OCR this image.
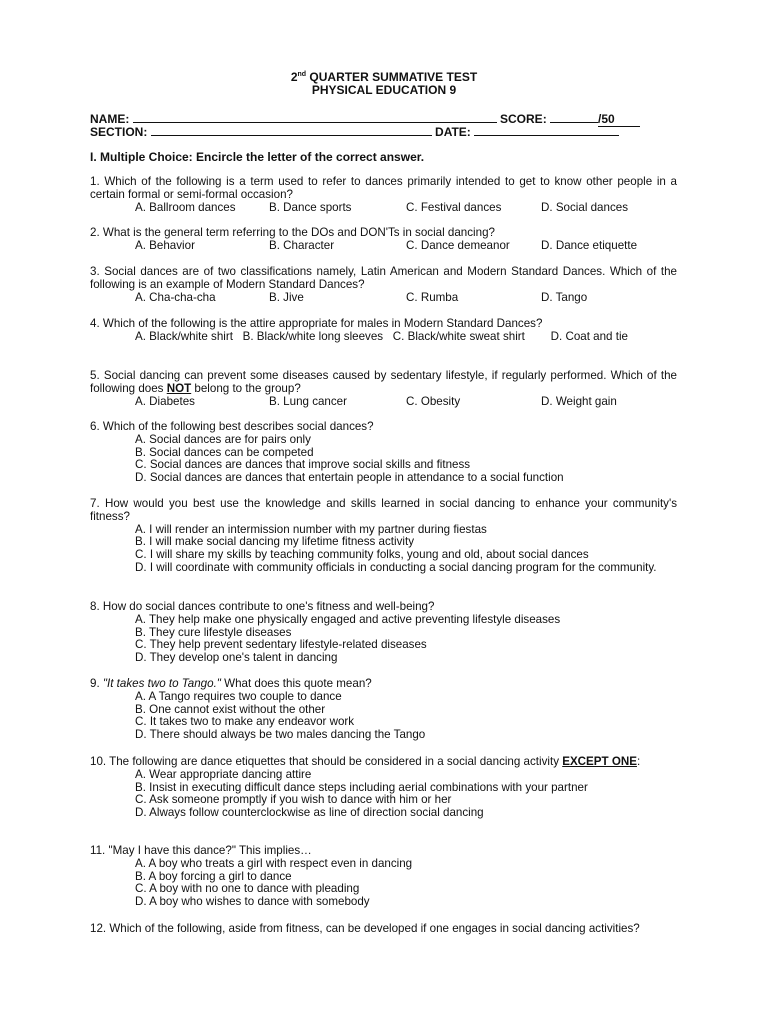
2nd QUARTER SUMMATIVE TEST
PHYSICAL EDUCATION 9
NAME:	SCORE:	/50
SECTION:	DATE:
I. Multiple Choice: Encircle the letter of the correct answer.
1. Which of the following is a term used to refer to dances primarily intended to get to know other people in a certain formal or semi-formal occasion?
A. Ballroom dances	B. Dance sports	C. Festival dances	D. Social dances
2. What is the general term referring to the DOs and DON'Ts in social dancing?
A. Behavior	B. Character	C. Dance demeanor	D. Dance etiquette
3. Social dances are of two classifications namely, Latin American and Modern Standard Dances. Which of the following is an example of Modern Standard Dances?
A. Cha-cha-cha	B. Jive	C. Rumba	D. Tango
4. Which of the following is the attire appropriate for males in Modern Standard Dances?
A. Black/white shirt B. Black/white long sleeves C. Black/white sweat shirt D. Coat and tie
5. Social dancing can prevent some diseases caused by sedentary lifestyle, if regularly performed. Which of the following does NOT belong to the group?
A. Diabetes	B. Lung cancer	C. Obesity	D. Weight gain
6. Which of the following best describes social dances?
A. Social dances are for pairs only
B. Social dances can be competed
C. Social dances are dances that improve social skills and fitness
D. Social dances are dances that entertain people in attendance to a social function
7. How would you best use the knowledge and skills learned in social dancing to enhance your community's fitness?
A. I will render an intermission number with my partner during fiestas
B. I will make social dancing my lifetime fitness activity
C. I will share my skills by teaching community folks, young and old, about social dances
D. I will coordinate with community officials in conducting a social dancing program for the community.
8. How do social dances contribute to one's fitness and well-being?
A. They help make one physically engaged and active preventing lifestyle diseases
B. They cure lifestyle diseases
C. They help prevent sedentary lifestyle-related diseases
D. They develop one's talent in dancing
9. "It takes two to Tango." What does this quote mean?
A. A Tango requires two couple to dance
B. One cannot exist without the other
C. It takes two to make any endeavor work
D. There should always be two males dancing the Tango
10. The following are dance etiquettes that should be considered in a social dancing activity EXCEPT ONE:
A. Wear appropriate dancing attire
B. Insist in executing difficult dance steps including aerial combinations with your partner
C. Ask someone promptly if you wish to dance with him or her
D. Always follow counterclockwise as line of direction social dancing
11. "May I have this dance?" This implies…
A. A boy who treats a girl with respect even in dancing
B. A boy forcing a girl to dance
C. A boy with no one to dance with pleading
D. A boy who wishes to dance with somebody
12. Which of the following, aside from fitness, can be developed if one engages in social dancing activities?
